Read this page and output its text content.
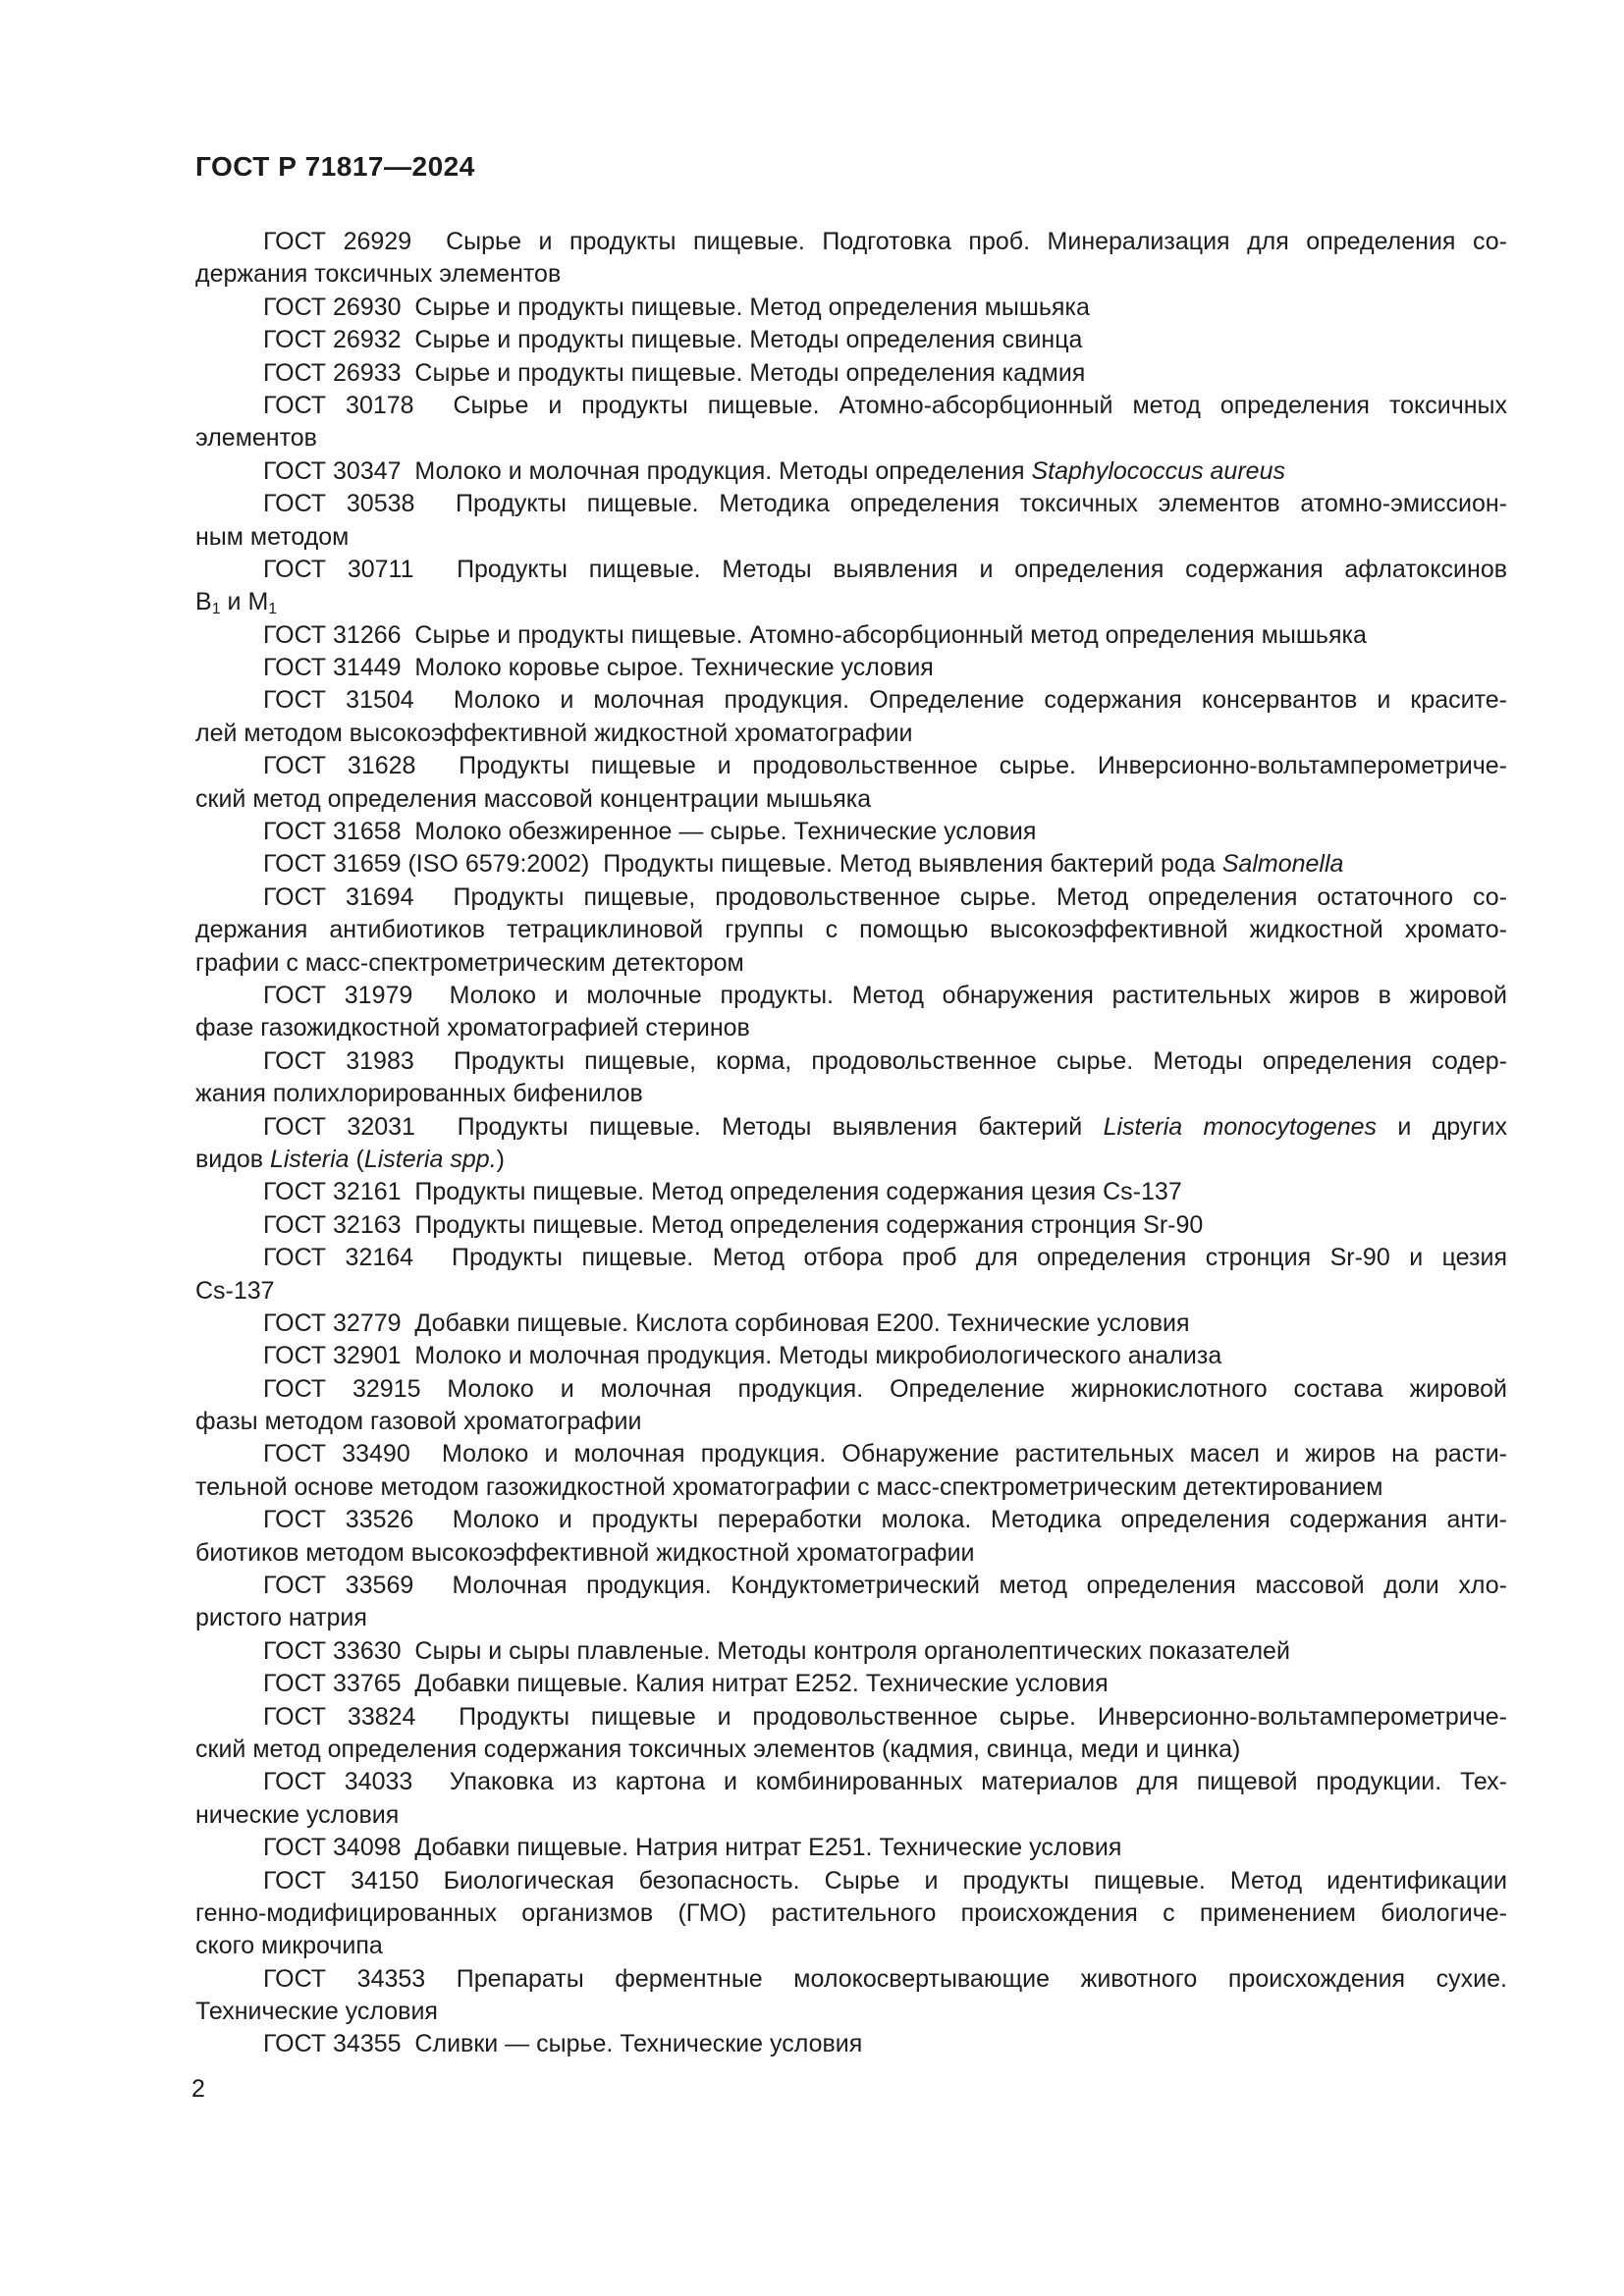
ГОСТ Р 71817—2024
ГОСТ 26929  Сырье и продукты пищевые. Подготовка проб. Минерализация для определения со-
держания токсичных элементов
ГОСТ 26930  Сырье и продукты пищевые. Метод определения мышьяка
ГОСТ 26932  Сырье и продукты пищевые. Методы определения свинца
ГОСТ 26933  Сырье и продукты пищевые. Методы определения кадмия
ГОСТ 30178  Сырье и продукты пищевые. Атомно-абсорбционный метод определения токсичных
элементов
ГОСТ 30347  Молоко и молочная продукция. Методы определения Staphylococcus aureus
ГОСТ 30538  Продукты пищевые. Методика определения токсичных элементов атомно-эмиссион-
ным методом
ГОСТ 30711  Продукты пищевые. Методы выявления и определения содержания афлатоксинов
$В_1$ и $М_1$
ГОСТ 31266  Сырье и продукты пищевые. Атомно-абсорбционный метод определения мышьяка
ГОСТ 31449  Молоко коровье сырое. Технические условия
ГОСТ 31504  Молоко и молочная продукция. Определение содержания консервантов и красите-
лей методом высокоэффективной жидкостной хроматографии
ГОСТ 31628  Продукты пищевые и продовольственное сырье. Инверсионно-вольтамперометриче-
ский метод определения массовой концентрации мышьяка
ГОСТ 31658  Молоко обезжиренное — сырье. Технические условия
ГОСТ 31659 (ISO 6579:2002)  Продукты пищевые. Метод выявления бактерий рода Salmonella
ГОСТ 31694  Продукты пищевые, продовольственное сырье. Метод определения остаточного со-
держания антибиотиков тетрациклиновой группы с помощью высокоэффективной жидкостной хромато-
графии с масс-спектрометрическим детектором
ГОСТ 31979  Молоко и молочные продукты. Метод обнаружения растительных жиров в жировой
фазе газожидкостной хроматографией стеринов
ГОСТ 31983  Продукты пищевые, корма, продовольственное сырье. Методы определения содер-
жания полихлорированных бифенилов
ГОСТ 32031  Продукты пищевые. Методы выявления бактерий Listeria monocytogenes и других
видов Listeria (Listeria spp.)
ГОСТ 32161  Продукты пищевые. Метод определения содержания цезия Cs-137
ГОСТ 32163  Продукты пищевые. Метод определения содержания стронция Sr-90
ГОСТ 32164  Продукты пищевые. Метод отбора проб для определения стронция Sr-90 и цезия
Cs-137
ГОСТ 32779  Добавки пищевые. Кислота сорбиновая Е200. Технические условия
ГОСТ 32901  Молоко и молочная продукция. Методы микробиологического анализа
ГОСТ 32915 Молоко и молочная продукция. Определение жирнокислотного состава жировой
фазы методом газовой хроматографии
ГОСТ 33490  Молоко и молочная продукция. Обнаружение растительных масел и жиров на расти-
тельной основе методом газожидкостной хроматографии с масс-спектрометрическим детектированием
ГОСТ 33526  Молоко и продукты переработки молока. Методика определения содержания анти-
биотиков методом высокоэффективной жидкостной хроматографии
ГОСТ 33569  Молочная продукция. Кондуктометрический метод определения массовой доли хло-
ристого натрия
ГОСТ 33630  Сыры и сыры плавленые. Методы контроля органолептических показателей
ГОСТ 33765  Добавки пищевые. Калия нитрат Е252. Технические условия
ГОСТ 33824  Продукты пищевые и продовольственное сырье. Инверсионно-вольтамперометриче-
ский метод определения содержания токсичных элементов (кадмия, свинца, меди и цинка)
ГОСТ 34033  Упаковка из картона и комбинированных материалов для пищевой продукции. Тех-
нические условия
ГОСТ 34098  Добавки пищевые. Натрия нитрат Е251. Технические условия
ГОСТ 34150 Биологическая безопасность. Сырье и продукты пищевые. Метод идентификации
генно-модифицированных организмов (ГМО) растительного происхождения с применением биологиче-
ского микрочипа
ГОСТ 34353 Препараты ферментные молокосвертывающие животного происхождения сухие.
Технические условия
ГОСТ 34355  Сливки — сырье. Технические условия
2
